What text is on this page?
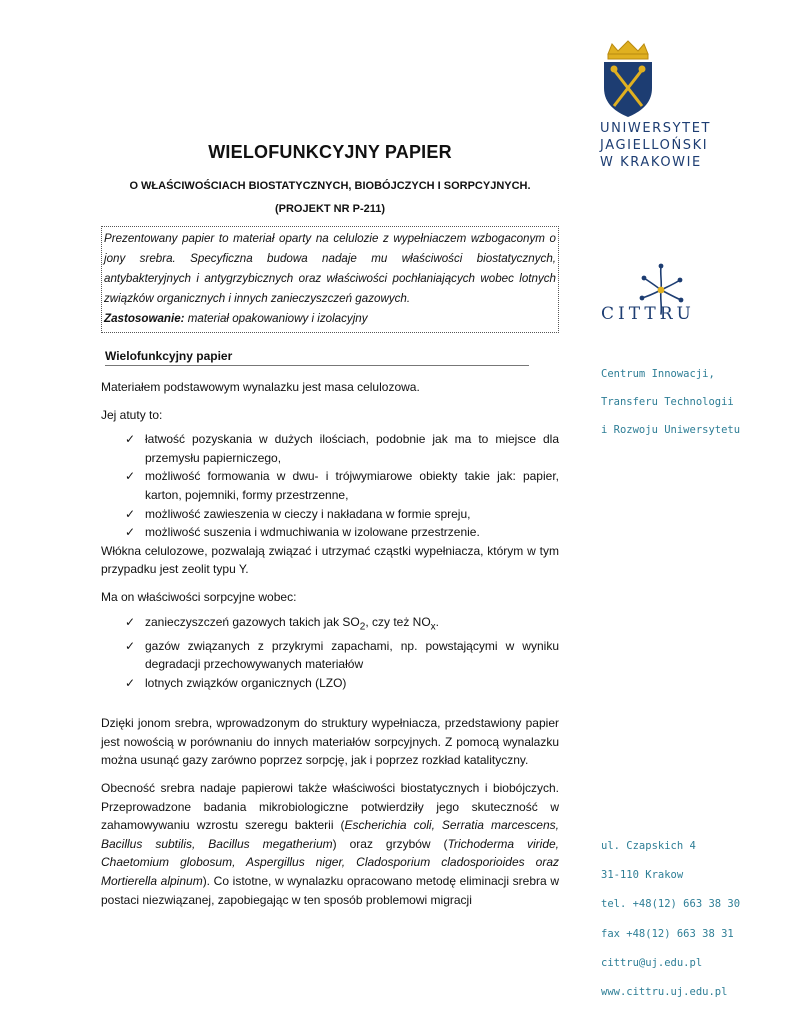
UNIWERSYTET
JAGIELLOŃSKI
W KRAKOWIE
CITTRU
Centrum Innowacji,
Transferu Technologii
i Rozwoju Uniwersytetu
ul. Czapskich 4
31-110 Krakow
tel. +48(12) 663 38 30
fax +48(12) 663 38 31
cittru@uj.edu.pl
www.cittru.uj.edu.pl
WIELOFUNKCYJNY PAPIER
O WŁAŚCIWOŚCIACH BIOSTATYCZNYCH, BIOBÓJCZYCH I SORPCYJNYCH.
(PROJEKT NR P-211)
Prezentowany papier to materiał oparty na celulozie z wypełniaczem wzbogaconym o jony srebra. Specyficzna budowa nadaje mu właściwości biostatycznych, antybakteryjnych i antygrzybicznych oraz właściwości pochłaniających wobec lotnych związków organicznych i innych zanieczyszczeń gazowych.
Zastosowanie: materiał opakowaniowy i izolacyjny
Wielofunkcyjny papier

Materiałem podstawowym wynalazku jest masa celulozowa.

Jej atuty to:

✓ łatwość pozyskania w dużych ilościach, podobnie jak ma to miejsce dla przemysłu papierniczego,
✓ możliwość formowania w dwu- i trójwymiarowe obiekty takie jak: papier, karton, pojemniki, formy przestrzenne,
✓ możliwość zawieszenia w cieczy i nakładana w formie spreju,
✓ możliwość suszenia i wdmuchiwania w izolowane przestrzenie.

Włókna celulozowe, pozwalają związać i utrzymać cząstki wypełniacza, którym w tym przypadku jest zeolit typu Y.

Ma on właściwości sorpcyjne wobec:

✓ zanieczyszczeń gazowych takich jak $SO_2$, czy też $NO_x$.
✓ gazów związanych z przykrymi zapachami, np. powstającymi w wyniku degradacji przechowywanych materiałów
✓ lotnych związków organicznych (LZO)

Dzięki jonom srebra, wprowadzonym do struktury wypełniacza, przedstawiony papier jest nowością w porównaniu do innych materiałów sorpcyjnych. Z pomocą wynalazku można usunąć gazy zarówno poprzez sorpcję, jak i poprzez rozkład katalityczny.

Obecność srebra nadaje papierowi także właściwości biostatycznych i biobójczych. Przeprowadzone badania mikrobiologiczne potwierdziły jego skuteczność w zahamowywaniu wzrostu szeregu bakterii (Escherichia coli, Serratia marcescens, Bacillus subtilis, Bacillus megatherium) oraz grzybów (Trichoderma viride, Chaetomium globosum, Aspergillus niger, Cladosporium cladosporioides oraz Mortierella alpinum). Co istotne, w wynalazku opracowano metodę eliminacji srebra w postaci niezwiązanej, zapobiegając w ten sposób problemowi migracji
